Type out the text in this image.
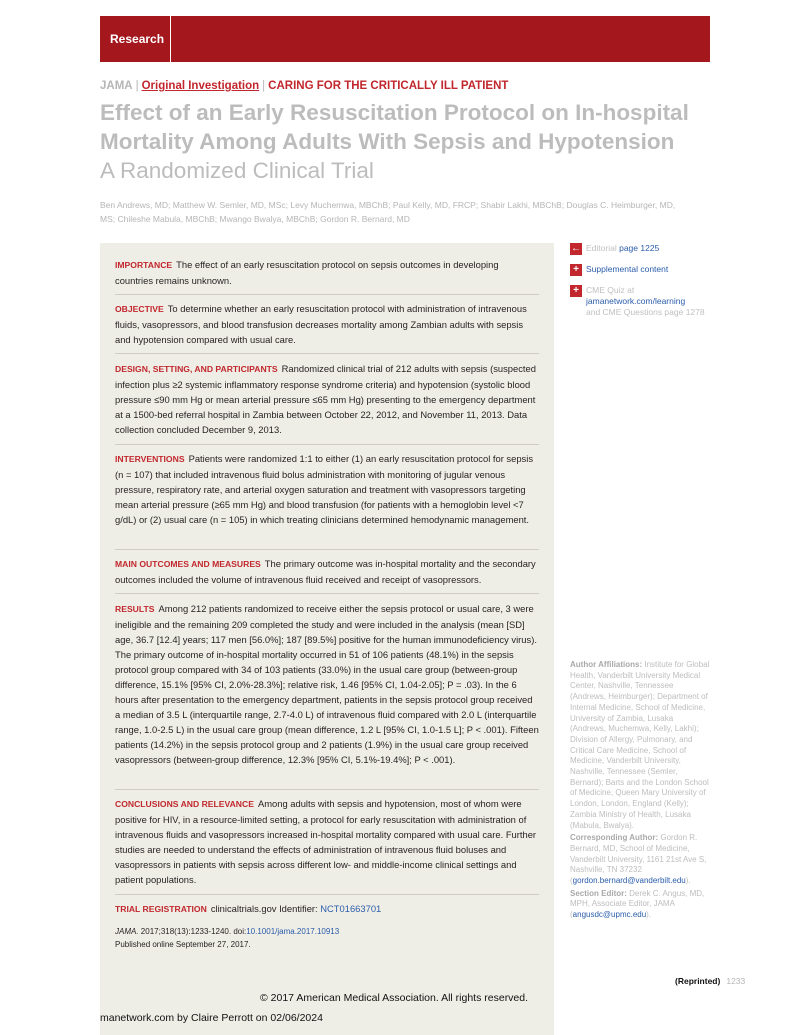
Research
JAMA | Original Investigation | CARING FOR THE CRITICALLY ILL PATIENT
Effect of an Early Resuscitation Protocol on In-hospital
Mortality Among Adults With Sepsis and Hypotension
A Randomized Clinical Trial
Ben Andrews, MD; Matthew W. Semler, MD, MSc; Levy Muchemwa, MBChB; Paul Kelly, MD, FRCP; Shabir Lakhi, MBChB; Douglas C. Heimburger, MD, MS; Chileshe Mabula, MBChB; Mwango Bwalya, MBChB; Gordon R. Bernard, MD
IMPORTANCE The effect of an early resuscitation protocol on sepsis outcomes in developing countries remains unknown.
OBJECTIVE To determine whether an early resuscitation protocol with administration of intravenous fluids, vasopressors, and blood transfusion decreases mortality among Zambian adults with sepsis and hypotension compared with usual care.
DESIGN, SETTING, AND PARTICIPANTS Randomized clinical trial of 212 adults with sepsis (suspected infection plus ≥2 systemic inflammatory response syndrome criteria) and hypotension (systolic blood pressure ≤90 mm Hg or mean arterial pressure ≤65 mm Hg) presenting to the emergency department at a 1500-bed referral hospital in Zambia between October 22, 2012, and November 11, 2013. Data collection concluded December 9, 2013.
INTERVENTIONS Patients were randomized 1:1 to either (1) an early resuscitation protocol for sepsis (n = 107) that included intravenous fluid bolus administration with monitoring of jugular venous pressure, respiratory rate, and arterial oxygen saturation and treatment with vasopressors targeting mean arterial pressure (≥65 mm Hg) and blood transfusion (for patients with a hemoglobin level <7 g/dL) or (2) usual care (n = 105) in which treating clinicians determined hemodynamic management.
MAIN OUTCOMES AND MEASURES The primary outcome was in-hospital mortality and the secondary outcomes included the volume of intravenous fluid received and receipt of vasopressors.
RESULTS Among 212 patients randomized to receive either the sepsis protocol or usual care, 3 were ineligible and the remaining 209 completed the study and were included in the analysis (mean [SD] age, 36.7 [12.4] years; 117 men [56.0%]; 187 [89.5%] positive for the human immunodeficiency virus). The primary outcome of in-hospital mortality occurred in 51 of 106 patients (48.1%) in the sepsis protocol group compared with 34 of 103 patients (33.0%) in the usual care group (between-group difference, 15.1% [95% CI, 2.0%-28.3%]; relative risk, 1.46 [95% CI, 1.04-2.05]; P = .03). In the 6 hours after presentation to the emergency department, patients in the sepsis protocol group received a median of 3.5 L (interquartile range, 2.7-4.0 L) of intravenous fluid compared with 2.0 L (interquartile range, 1.0-2.5 L) in the usual care group (mean difference, 1.2 L [95% CI, 1.0-1.5 L]; P < .001). Fifteen patients (14.2%) in the sepsis protocol group and 2 patients (1.9%) in the usual care group received vasopressors (between-group difference, 12.3% [95% CI, 5.1%-19.4%]; P < .001).
CONCLUSIONS AND RELEVANCE Among adults with sepsis and hypotension, most of whom were positive for HIV, in a resource-limited setting, a protocol for early resuscitation with administration of intravenous fluids and vasopressors increased in-hospital mortality compared with usual care. Further studies are needed to understand the effects of administration of intravenous fluid boluses and vasopressors in patients with sepsis across different low- and middle-income clinical settings and patient populations.
TRIAL REGISTRATION clinicaltrials.gov Identifier: NCT01663701
JAMA. 2017;318(13):1233-1240. doi:10.1001/jama.2017.10913
Published online September 27, 2017.
← Editorial page 1225
+ Supplemental content
+ CME Quiz at
jamanetwork.com/learning
and CME Questions page 1278
Author Affiliations: Institute for Global Health, Vanderbilt University Medical Center, Nashville, Tennessee (Andrews, Heimburger); Department of Internal Medicine, School of Medicine, University of Zambia, Lusaka (Andrews, Muchemwa, Kelly, Lakhi); Division of Allergy, Pulmonary, and Critical Care Medicine, School of Medicine, Vanderbilt University, Nashville, Tennessee (Semler, Bernard); Barts and the London School of Medicine, Queen Mary University of London, London, England (Kelly); Zambia Ministry of Health, Lusaka (Mabula, Bwalya).
Corresponding Author: Gordon R. Bernard, MD, School of Medicine, Vanderbilt University, 1161 21st Ave S, Nashville, TN 37232 (gordon.bernard@vanderbilt.edu).
Section Editor: Derek C. Angus, MD, MPH, Associate Editor, JAMA (angusdc@upmc.edu).
(Reprinted) 1233
© 2017 American Medical Association. All rights reserved.
manetwork.com by Claire Perrott on 02/06/2024
